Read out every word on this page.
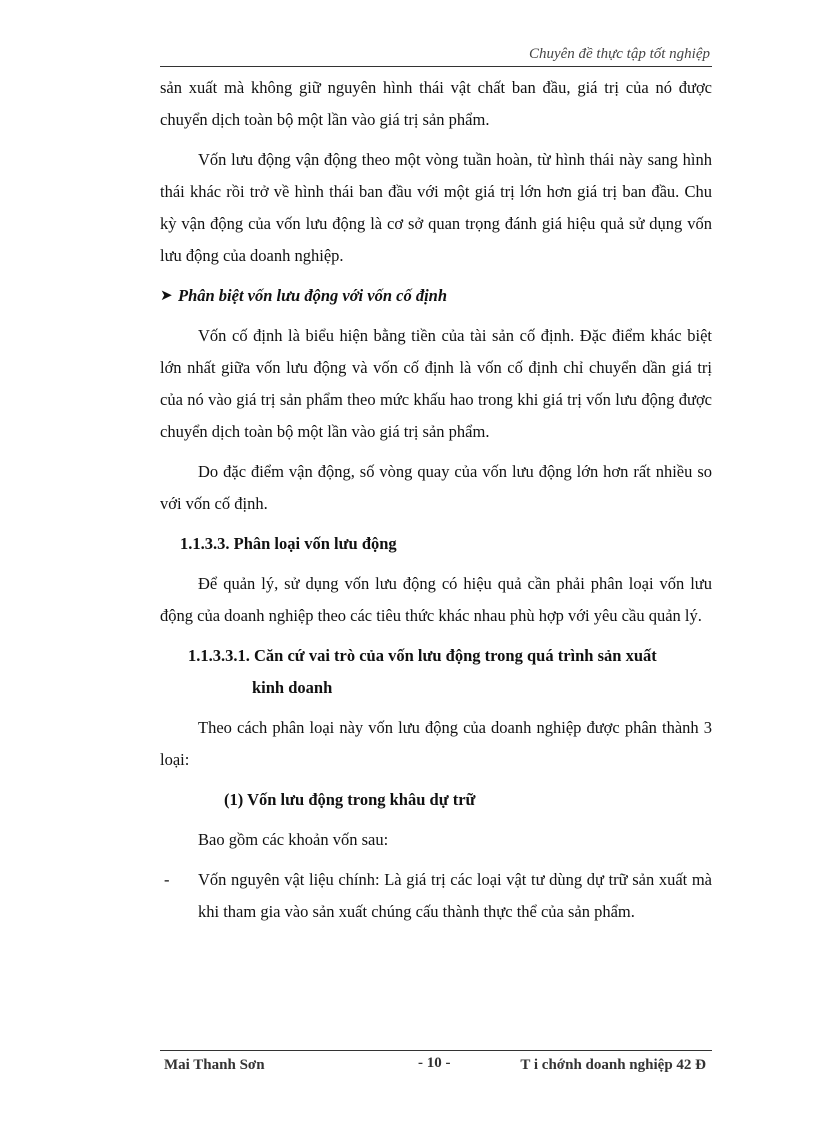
Chuyên đề thực tập tốt nghiệp

sản xuất mà không giữ nguyên hình thái vật chất ban đầu, giá trị của nó được chuyển dịch toàn bộ một lần vào giá trị sản phẩm.

Vốn lưu động vận động theo một vòng tuần hoàn, từ hình thái này sang hình thái khác rồi trở về hình thái ban đầu với một giá trị lớn hơn giá trị ban đầu. Chu kỳ vận động của vốn lưu động là cơ sở quan trọng đánh giá hiệu quả sử dụng vốn lưu động của doanh nghiệp.

➤ Phân biệt vốn lưu động với vốn cố định

Vốn cố định là biểu hiện bằng tiền của tài sản cố định. Đặc điểm khác biệt lớn nhất giữa vốn lưu động và vốn cố định là vốn cố định chỉ chuyển dần giá trị của nó vào giá trị sản phẩm theo mức khấu hao trong khi giá trị vốn lưu động được chuyển dịch toàn bộ một lần vào giá trị sản phẩm.

Do đặc điểm vận động, số vòng quay của vốn lưu động lớn hơn rất nhiều so với vốn cố định.

1.1.3.3. Phân loại vốn lưu động

Để quản lý, sử dụng vốn lưu động có hiệu quả cần phải phân loại vốn lưu động của doanh nghiệp theo các tiêu thức khác nhau phù hợp với yêu cầu quản lý.

1.1.3.3.1. Căn cứ vai trò của vốn lưu động trong quá trình sản xuất
kinh doanh

Theo cách phân loại này vốn lưu động của doanh nghiệp được phân thành 3 loại:

(1) Vốn lưu động trong khâu dự trữ

Bao gồm các khoản vốn sau:

- Vốn nguyên vật liệu chính: Là giá trị các loại vật tư dùng dự trữ sản xuất mà khi tham gia vào sản xuất chúng cấu thành thực thể của sản phẩm.

Mai Thanh Sơn	- 10 -	T i chớnh doanh nghiệp 42 Đ
